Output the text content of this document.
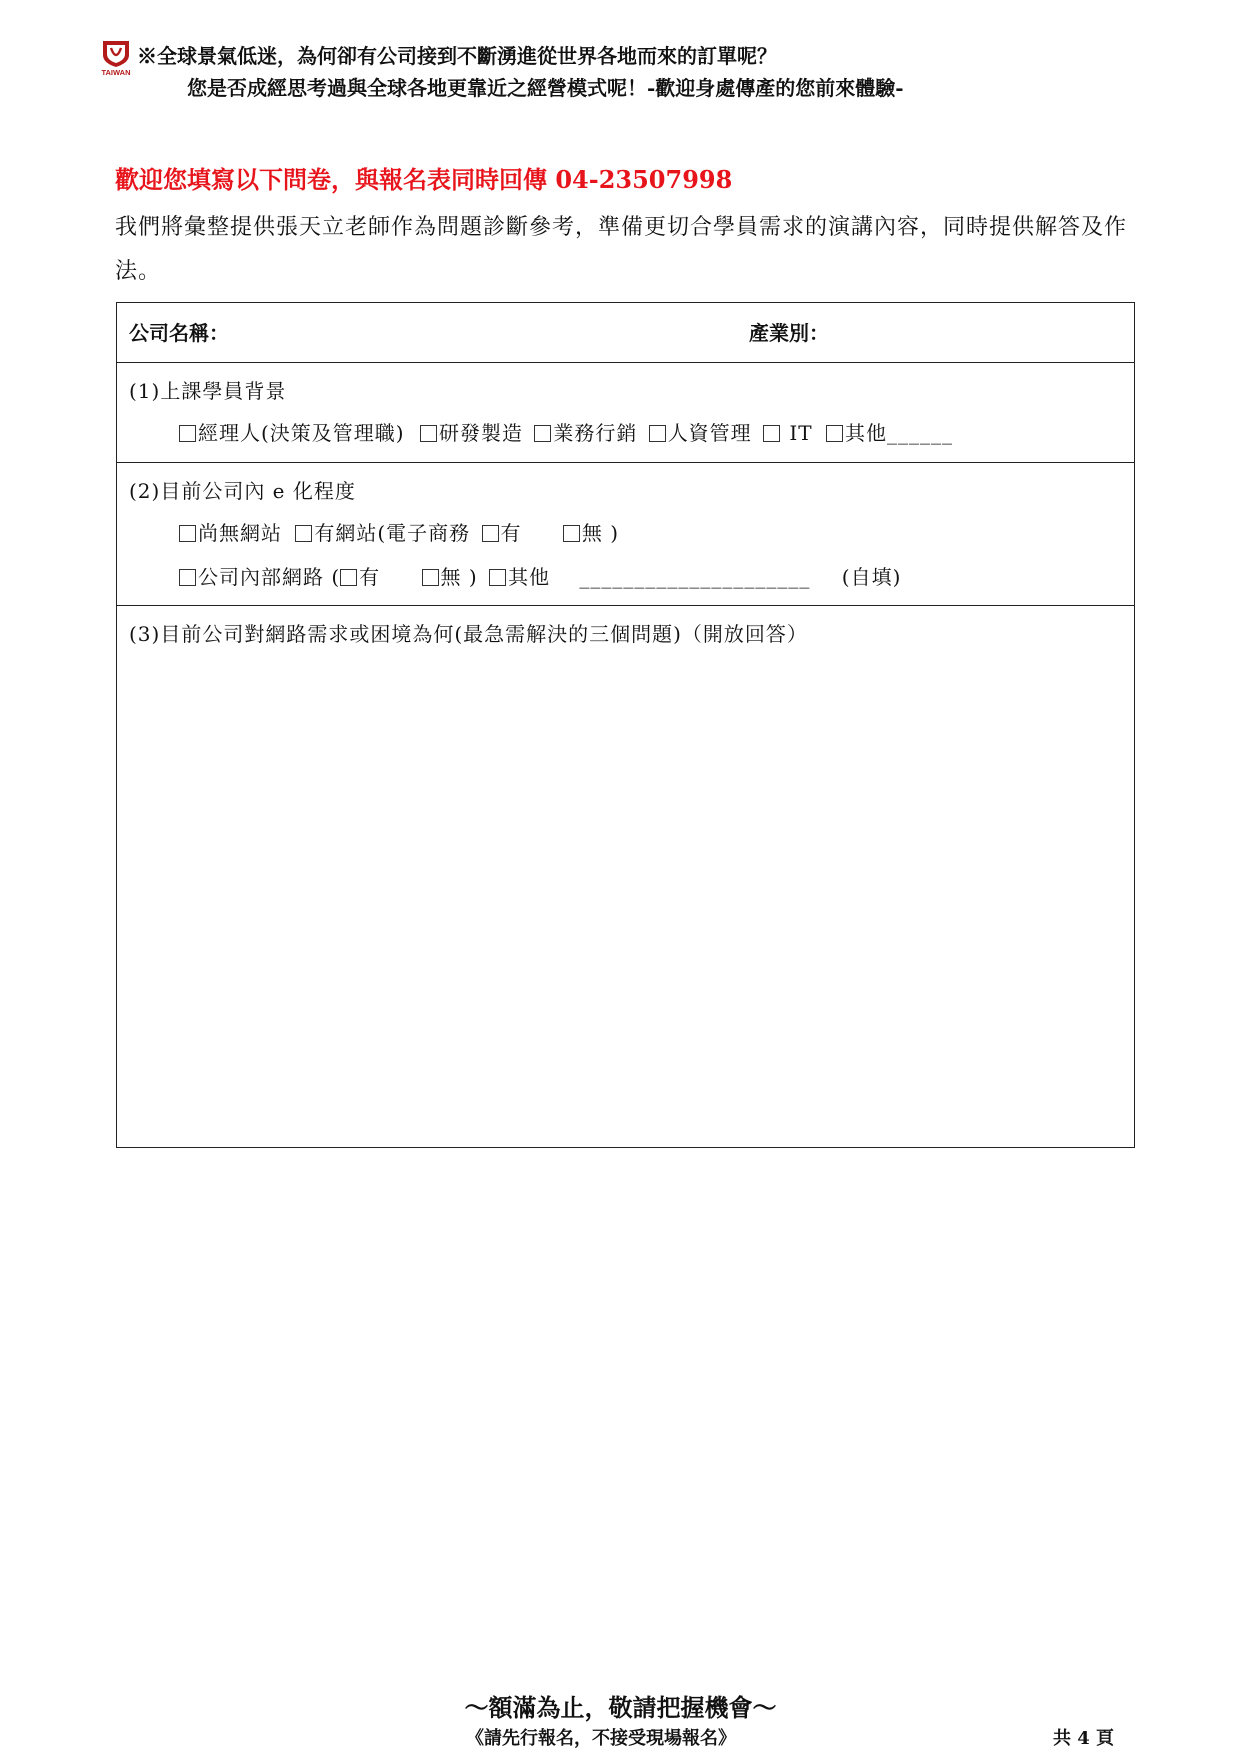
TAIWAN
※全球景氣低迷，為何卻有公司接到不斷湧進從世界各地而來的訂單呢？
您是否成經思考過與全球各地更靠近之經營模式呢！-歡迎身處傳產的您前來體驗-
歡迎您填寫以下問卷，與報名表同時回傳 04-23507998
我們將彙整提供張天立老師作為問題診斷參考，準備更切合學員需求的演講內容，同時提供解答及作法。
公司名稱：	產業別：
(1)上課學員背景
經理人(決策及管理職) 研發製造 業務行銷 人資管理  IT 其他______
(2)目前公司內 e 化程度
尚無網站 有網站(電子商務 有	無 )
公司內部網路 ( 有	無 ) 其他 _____________________ (自填)
(3)目前公司對網路需求或困境為何(最急需解決的三個問題)（開放回答）
～額滿為止，敬請把握機會～
《請先行報名，不接受現場報名》	共 4 頁
